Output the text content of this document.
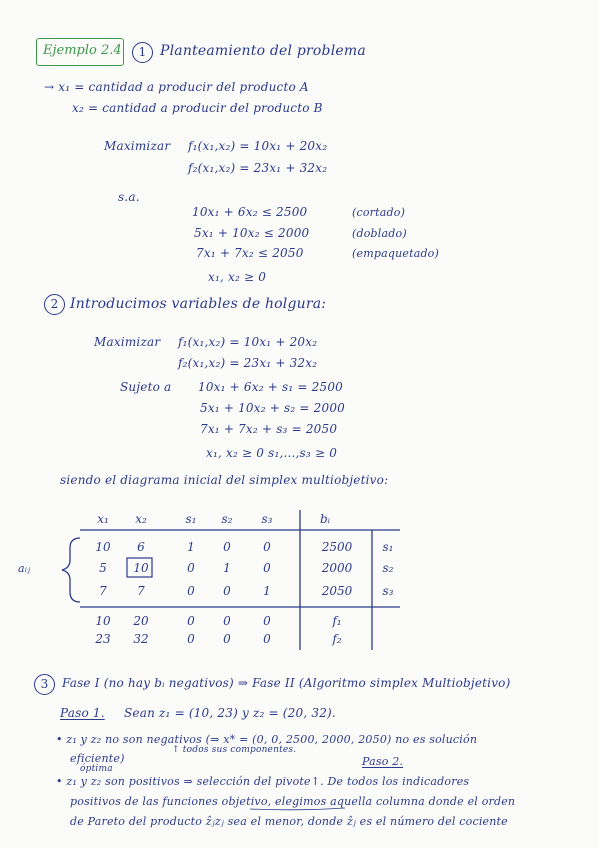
Ejemplo 2.4	1 Planteamiento del problema
→ x₁ = cantidad a producir del producto A
x₂ = cantidad a producir del producto B
Maximizar f₁(x₁,x₂) = 10x₁ + 20x₂
f₂(x₁,x₂) = 23x₁ + 32x₂
s.a.
10x₁ + 6x₂ ≤ 2500	(cortado)
5x₁ + 10x₂ ≤ 2000	(doblado)
7x₁ + 7x₂ ≤ 2050	(empaquetado)
x₁, x₂ ≥ 0
2 Introducimos variables de holgura:
Maximizar f₁(x₁,x₂) = 10x₁ + 20x₂
f₂(x₁,x₂) = 23x₁ + 32x₂
Sujeto a 10x₁ + 6x₂ + s₁ = 2500
5x₁ + 10x₂ + s₂ = 2000
7x₁ + 7x₂ + s₃ = 2050
x₁, x₂ ≥ 0 s₁,...,s₃ ≥ 0
siendo el diagrama inicial del simplex multiobjetivo:
aᵢⱼ
x₁	x₂	s₁	s₂	s₃	bᵢ
10	6	1	0	0	2500	s₁
5	10	0	1	0	2000	s₂
7	7	0	0	1	2050	s₃
10	20	0	0	0	f₁
23	32	0	0	0	f₂
3	Fase I (no hay bᵢ negativos) ⇒ Fase II (Algoritmo simplex Multiobjetivo)
Paso 1. Sean z₁ = (10, 23) y z₂ = (20, 32).
• z₁ y z₂ no son negativos (⇒ x* = (0, 0, 2500, 2000, 2050) no es solución
↑ todos sus componentes.
eficiente)
óptima
Paso 2.
• z₁ y z₂ son positivos ⇒ selección del pivote↑. De todos los indicadores
positivos de las funciones objetivo, elegimos aquella columna donde el orden
de Pareto del producto ẑⱼzⱼ sea el menor, donde ẑⱼ es el número del cociente
